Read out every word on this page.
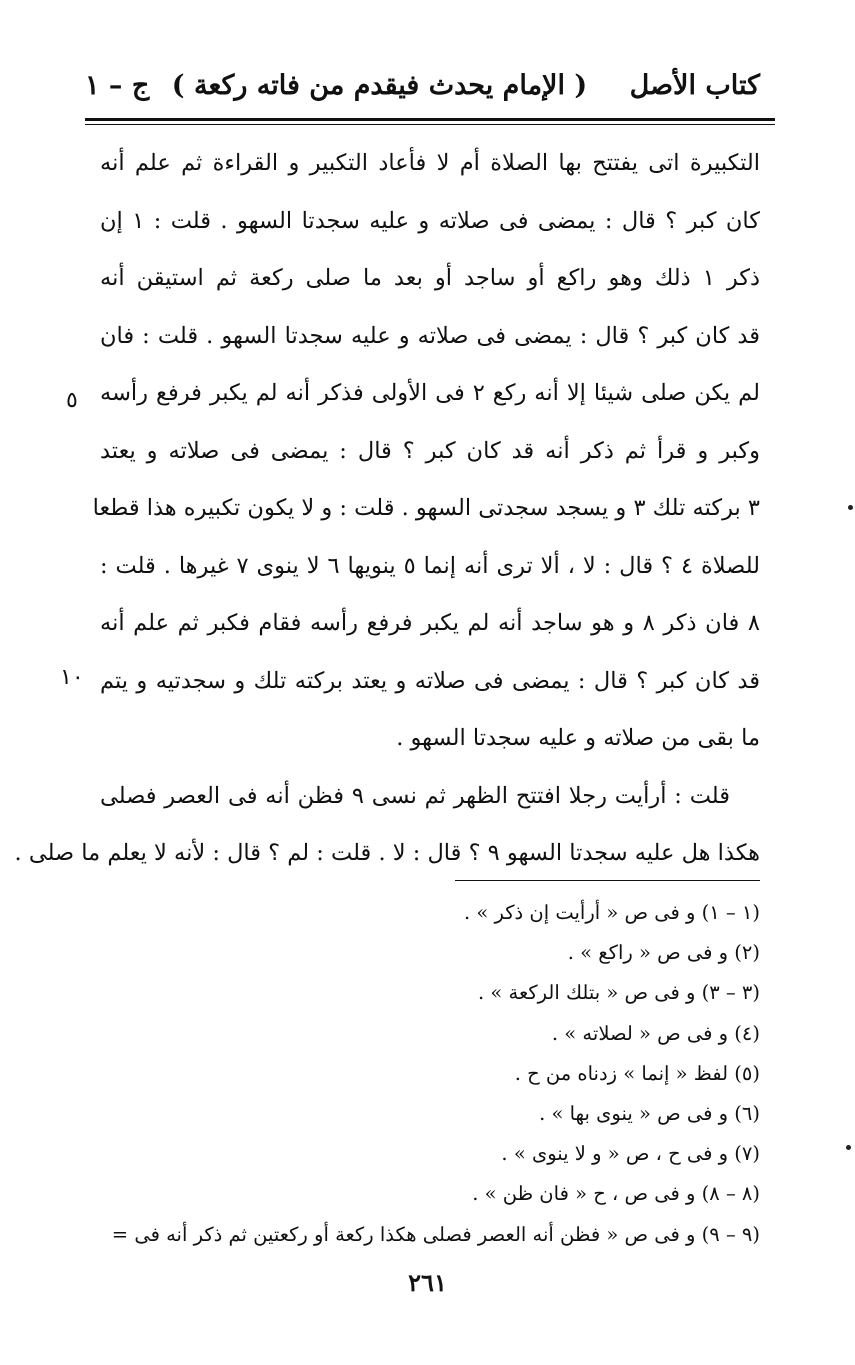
ج – ١ ( الإمام يحدث فيقدم من فاته ركعة )	كتاب الأصل
التكبيرة اتى يفتتح بها الصلاة أم لا فأعاد التكبير و القراءة ثم علم أنه
كان كبر ؟ قال : يمضى فى صلاته و عليه سجدتا السهو . قلت : ١ إن
ذكر ١ ذلك وهو راكع أو ساجد أو بعد ما صلى ركعة ثم استيقن أنه
قد كان كبر ؟ قال : يمضى فى صلاته و عليه سجدتا السهو . قلت : فان
لم يكن صلى شيئا إلا أنه ركع ٢ فى الأولى فذكر أنه لم يكبر فرفع رأسه
وكبر و قرأ ثم ذكر أنه قد كان كبر ؟ قال : يمضى فى صلاته و يعتد
٣ بركته تلك ٣ و يسجد سجدتى السهو . قلت : و لا يكون تكبيره هذا قطعا
للصلاة ٤ ؟ قال : لا ، ألا ترى أنه إنما ٥ ينويها ٦ لا ينوى ٧ غيرها . قلت :
٨ فان ذكر ٨ و هو ساجد أنه لم يكبر فرفع رأسه فقام فكبر ثم علم أنه
قد كان كبر ؟ قال : يمضى فى صلاته و يعتد بركته تلك و سجدتيه و يتم
ما بقى من صلاته و عليه سجدتا السهو .
قلت : أرأيت رجلا افتتح الظهر ثم نسى ٩ فظن أنه فى العصر فصلى
هكذا هل عليه سجدتا السهو ٩ ؟ قال : لا . قلت : لم ؟ قال : لأنه لا يعلم ما صلى .
٥
١٠
(١ – ١) و فى ص « أرأيت إن ذكر » .
(٢) و فى ص « راكع » .
(٣ – ٣) و فى ص « بتلك الركعة » .
(٤) و فى ص « لصلاته » .
(٥) لفظ « إنما » زدناه من ح .
(٦) و فى ص « ينوى بها » .
(٧) و فى ح ، ص « و لا ينوى » .
(٨ – ٨) و فى ص ، ح « فان ظن » .
(٩ – ٩) و فى ص « فظن أنه العصر فصلى هكذا ركعة أو ركعتين ثم ذكر أنه فى =
٢٦١
